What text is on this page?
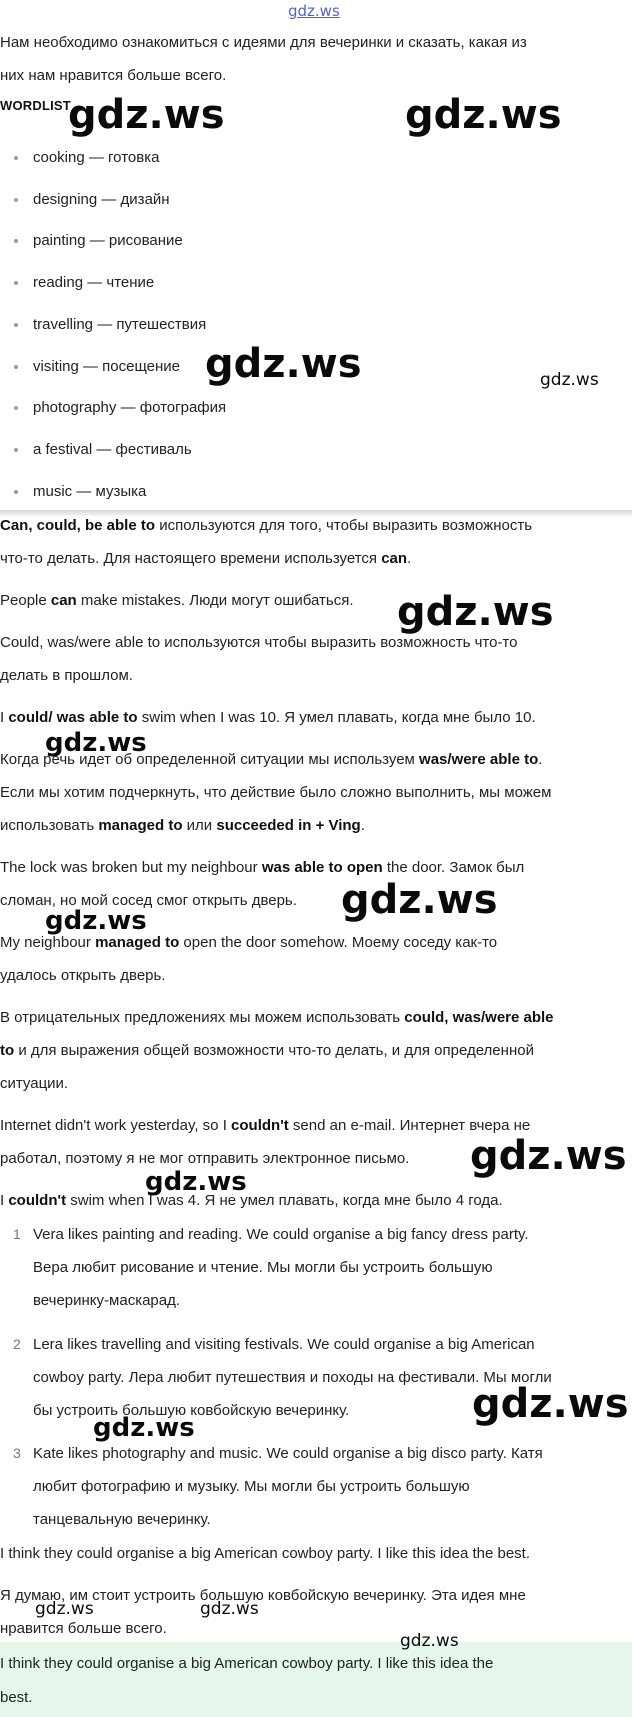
gdz.ws
Нам необходимо ознакомиться с идеями для вечеринки и сказать, какая из
них нам нравится больше всего.
WORDLIST
cooking — готовка
designing — дизайн
painting — рисование
reading — чтение
travelling — путешествия
visiting — посещение
photography — фотография
a festival — фестиваль
music — музыка
Can, could, be able to используются для того, чтобы выразить возможность
что-то делать. Для настоящего времени используется can.
People can make mistakes. Люди могут ошибаться.
Could, was/were able to используются чтобы выразить возможность что-то
делать в прошлом.
I could/ was able to swim when I was 10. Я умел плавать, когда мне было 10.
Когда речь идет об определенной ситуации мы используем was/were able to.
Если мы хотим подчеркнуть, что действие было сложно выполнить, мы можем
использовать managed to или succeeded in + Ving.
The lock was broken but my neighbour was able to open the door. Замок был
сломан, но мой сосед смог открыть дверь.
My neighbour managed to open the door somehow. Моему соседу как-то
удалось открыть дверь.
В отрицательных предложениях мы можем использовать could, was/were able
to и для выражения общей возможности что-то делать, и для определенной
ситуации.
Internet didn't work yesterday, so I couldn't send an e-mail. Интернет вчера не
работал, поэтому я не мог отправить электронное письмо.
I couldn't swim when I was 4. Я не умел плавать, когда мне было 4 года.
1 Vera likes painting and reading. We could organise a big fancy dress party.
Вера любит рисование и чтение. Мы могли бы устроить большую
вечеринку-маскарад.
2 Lera likes travelling and visiting festivals. We could organise a big American
cowboy party. Лера любит путешествия и походы на фестивали. Мы могли
бы устроить большую ковбойскую вечеринку.
3 Kate likes photography and music. We could organise a big disco party. Катя
любит фотографию и музыку. Мы могли бы устроить большую
танцевальную вечеринку.
I think they could organise a big American cowboy party. I like this idea the best.
Я думаю, им стоит устроить большую ковбойскую вечеринку. Эта идея мне
нравится больше всего.
I think they could organise a big American cowboy party. I like this idea the
best.
gdz.ws	gdz.ws
gdz.ws	gdz.ws
gdz.ws
gdz.ws
gdz.ws
gdz.ws
gdz.ws
gdz.ws
gdz.ws
gdz.ws
gdz.ws	gdz.ws
gdz.ws
